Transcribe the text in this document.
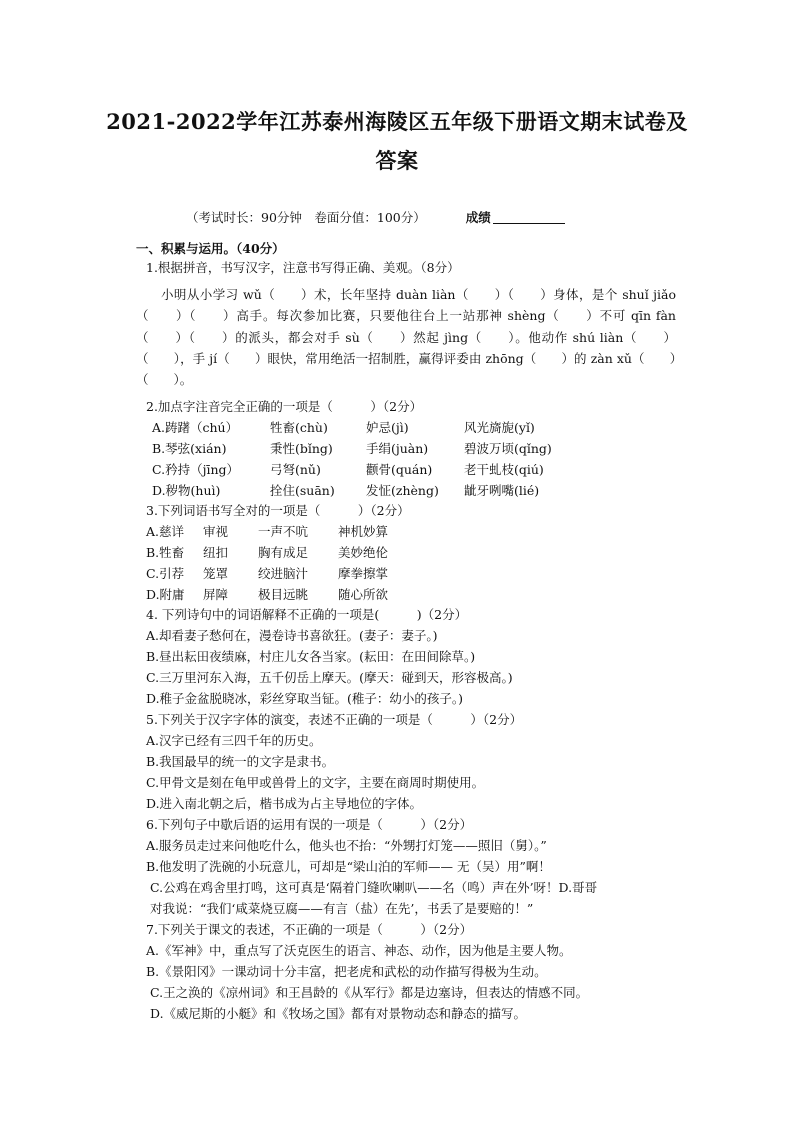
2021-2022学年江苏泰州海陵区五年级下册语文期末试卷及
答案
（考试时长：90分钟　卷面分值：100分）	成绩
一、积累与运用。（40分）
1.根据拼音，书写汉字，注意书写得正确、美观。（8分）

小明从小学习 wǔ（　　）术，长年坚持 duàn liàn（　　）（　　）身体，是个 shuǐ jiǎo（　　）（　　）高手。每次参加比赛，只要他往台上一站那神 shèng（　　）不可 qīn fàn（　　）（　　）的派头，都会对手 sù（　　）然起 jìng（　　）。他动作 shú liàn（　　）（　　），手 jí（　　）眼快，常用绝活一招制胜，赢得评委由 zhōng（　　）的 zàn xǔ（　　）（　　）。

2.加点字注音完全正确的一项是（　　　）（2分）
A.踌躇（chú）	牲畜(chù)	妒忌(jì)	风光旖旎(yǐ)
B.琴弦(xián)	秉性(bǐng)	手绢(juàn)	碧波万顷(qǐng)
C.矜持（jīng）	弓弩(nǔ)	颧骨(quán)	老干虬枝(qiú)
D.秽物(huì)	拴住(suān)	发怔(zhèng)	龇牙咧嘴(lié)
3.下列词语书写全对的一项是（　　　）（2分）
A.慈详	审视	一声不吭	神机妙算
B.牲畜	纽扣	胸有成足	美妙绝伦
C.引荐	笼罩	绞进脑汁	摩拳擦掌
D.附庸	屏障	极目远眺	随心所欲
4. 下列诗句中的词语解释不正确的一项是(　　　)（2分）
A.却看妻子愁何在，漫卷诗书喜欲狂。(妻子：妻子。)
B.昼出耘田夜绩麻，村庄儿女各当家。(耘田：在田间除草。)
C.三万里河东入海，五千仞岳上摩天。(摩天：碰到天，形容极高。)
D.稚子金盆脱晓冰，彩丝穿取当钲。(稚子：幼小的孩子。)
5.下列关于汉字字体的演变，表述不正确的一项是（　　　）（2分）
A.汉字已经有三四千年的历史。
B.我国最早的统一的文字是隶书。
C.甲骨文是刻在龟甲或兽骨上的文字，主要在商周时期使用。
D.进入南北朝之后，楷书成为占主导地位的字体。
6.下列句子中歇后语的运用有误的一项是（　　　）（2分）
A.服务员走过来问他吃什么，他头也不抬：“外甥打灯笼——照旧（舅）。”
B.他发明了洗碗的小玩意儿，可却是“梁山泊的军师—— 无（吴）用”啊！
C.公鸡在鸡舍里打鸣，这可真是‘隔着门缝吹喇叭——名（鸣）声在外’呀！D.哥哥
对我说：“我们‘咸菜烧豆腐——有言（盐）在先’，书丢了是要赔的！”
7.下列关于课文的表述，不正确的一项是（　　　）（2分）
A.《军神》中，重点写了沃克医生的语言、神态、动作，因为他是主要人物。
B.《景阳冈》一课动词十分丰富，把老虎和武松的动作描写得极为生动。
C.王之涣的《凉州词》和王昌龄的《从军行》都是边塞诗，但表达的情感不同。
D.《威尼斯的小艇》和《牧场之国》都有对景物动态和静态的描写。
